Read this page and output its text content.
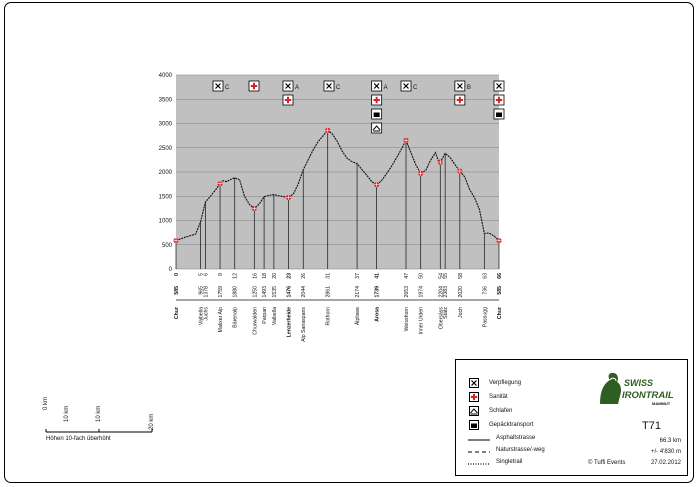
0
500
1000
1500
2000
2500
3000
3500
4000
C	A	C	A	C	B
0
585
Chur
5
965
Valbella
6
1378
Juchs
9
1759
Malixer Alp
12
1880
Bärenalp
16
1250
Churwalden
18
1493
Parpan
20
1535
Valbella
23
1476
Lenzerheide
26
2044
Alp Sanaspans
31
2861
Rothorn
37
2174
Älplisee
41
1739
Arosa
47
2653
Weisshorn
50
1974
Inner Urden
54
2204
Obersäss
55
2383
Stätz
58
2020
Joch
63
736
Passugg
66
585
Chur
0 km
10 km
10 km	20 km
Höhen 10-fach überhöht
Verpflegung
Sanität
Schlafen
Gepäcktransport
Asphaltstrasse
Naturstrasse/-weg
Singletrail
SWISS
IRONTRAIL
MAMMUT
T71
66.3 km
+/- 4'830 m
© Tuffi Events	27.02.2012
